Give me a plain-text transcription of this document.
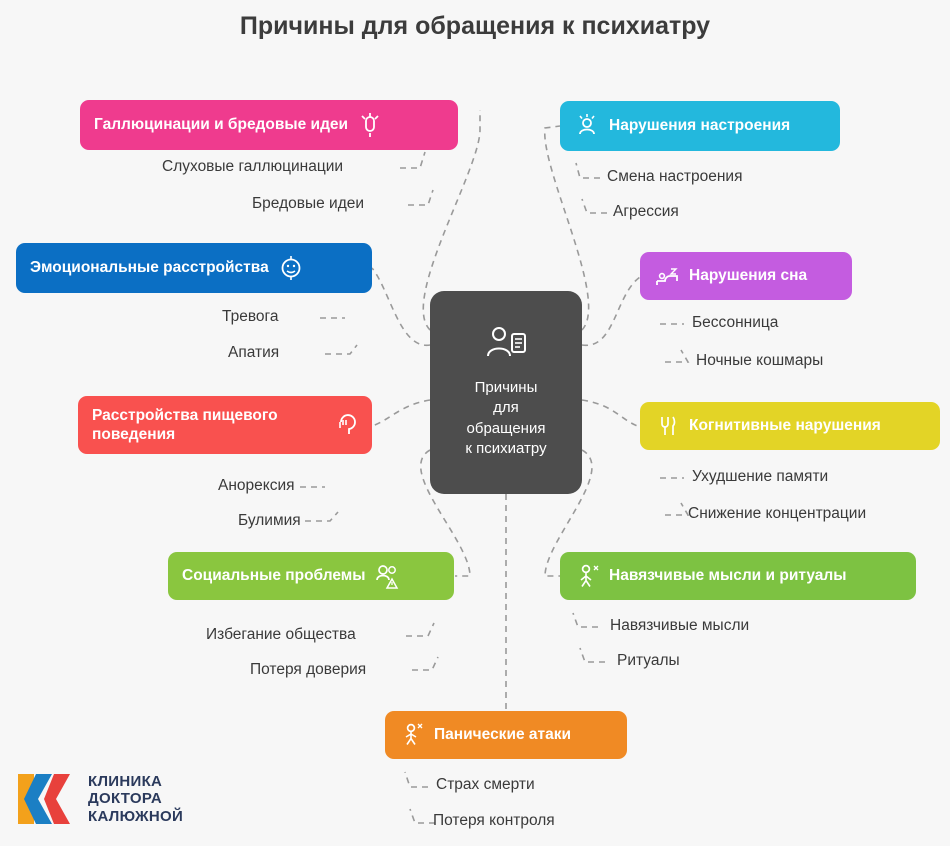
Причины для обращения к психиатру
Причины
для
обращения
к психиатру
Галлюцинации и бредовые идеи
Слуховые галлюцинации
Бредовые идеи
Эмоциональные расстройства
Тревога
Апатия
Расстройства пищевого поведения
Анорексия
Булимия
Социальные проблемы
Избегание общества
Потеря доверия
Нарушения настроения
Смена настроения
Агрессия
Нарушения сна
Бессонница
Ночные кошмары
Когнитивные нарушения
Ухудшение памяти
Снижение концентрации
Навязчивые мысли и ритуалы
Навязчивые мысли
Ритуалы
Панические атаки
Страх смерти
Потеря контроля
КЛИНИКА
ДОКТОРА
КАЛЮЖНОЙ
